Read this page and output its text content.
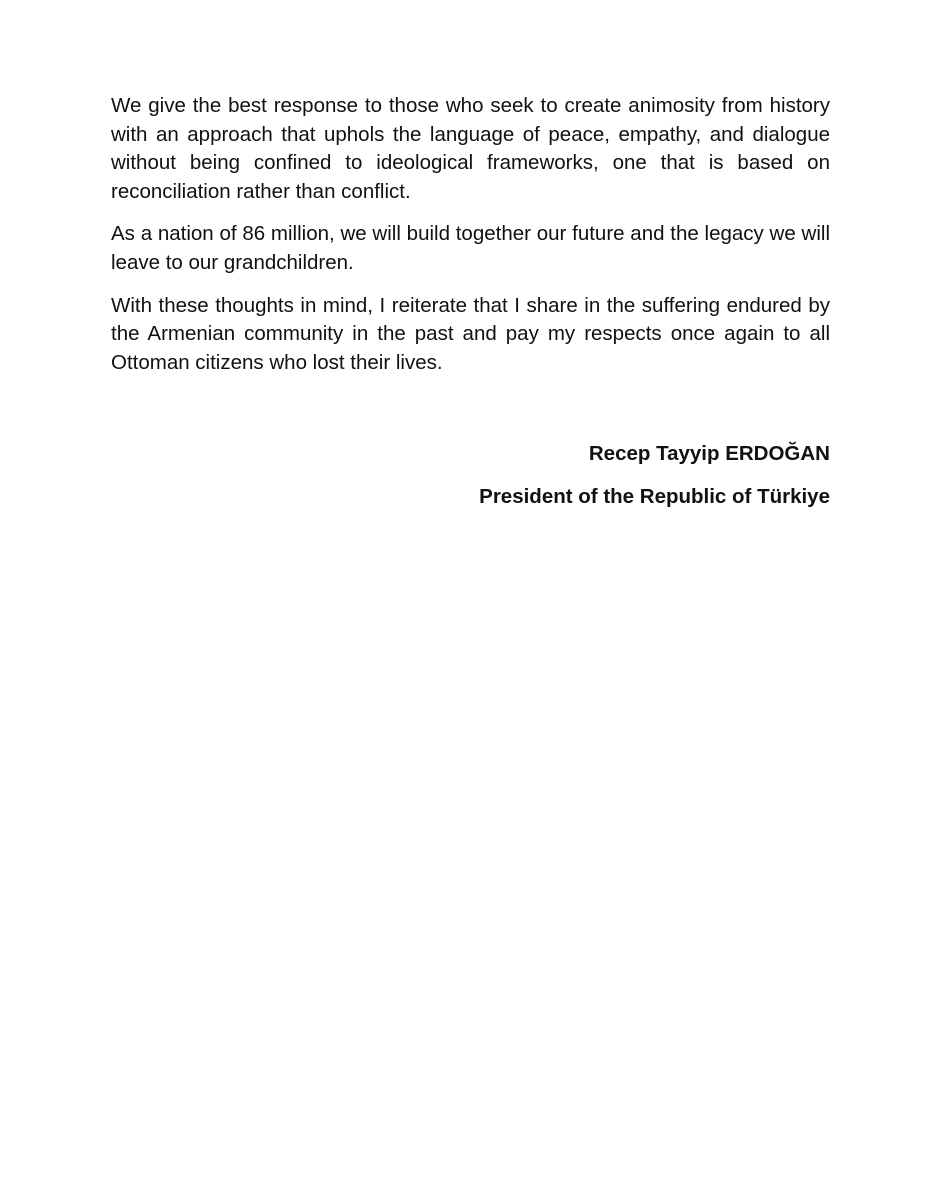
We give the best response to those who seek to create animosity from history with an approach that uphols the language of peace, empathy, and dialogue without being confined to ideological frameworks, one that is based on reconciliation rather than conflict.

As a nation of 86 million, we will build together our future and the legacy we will leave to our grandchildren.

With these thoughts in mind, I reiterate that I share in the suffering endured by the Armenian community in the past and pay my respects once again to all Ottoman citizens who lost their lives.

Recep Tayyip ERDOĞAN

President of the Republic of Türkiye
